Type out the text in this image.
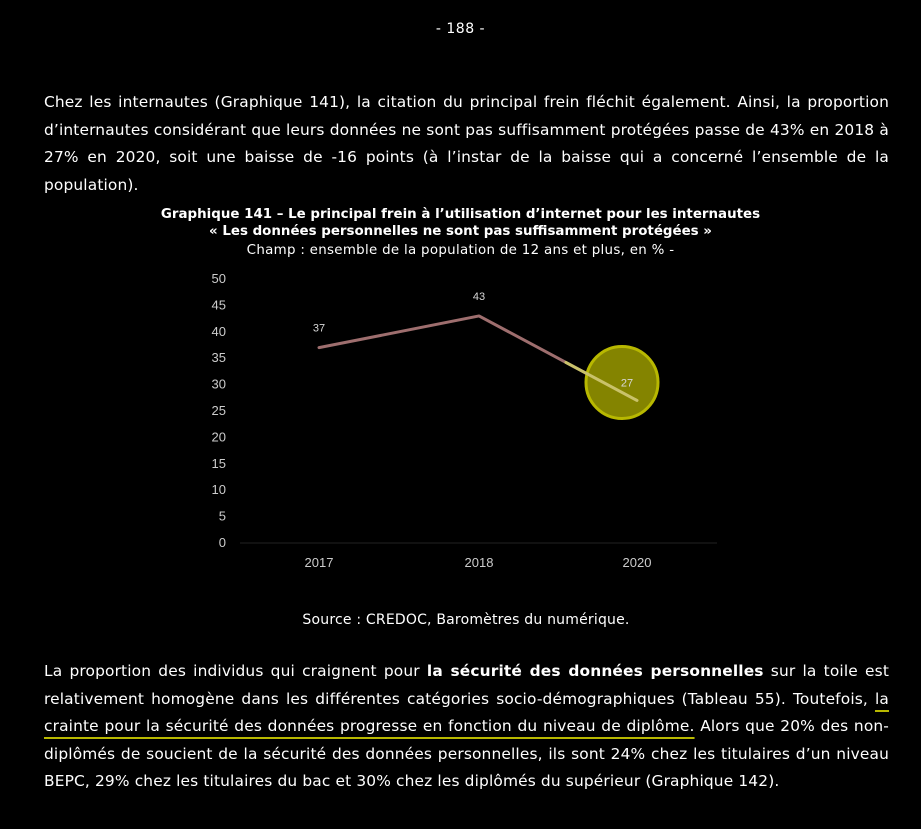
- 188 -

Chez les internautes (Graphique 141), la citation du principal frein fléchit également. Ainsi, la proportion d’internautes considérant que leurs données ne sont pas suffisamment protégées passe de 43% en 2018 à 27% en 2020, soit une baisse de -16 points (à l’instar de la baisse qui a concerné l’ensemble de la population).

Graphique 141 – Le principal frein à l’utilisation d’internet pour les internautes
« Les données personnelles ne sont pas suffisamment protégées »
Champ : ensemble de la population de 12 ans et plus, en % -
0
5
10
15
20
25
30
35
40
45
50
2017	2018	2020
37
43
27
Source : CREDOC, Baromètres du numérique.

La proportion des individus qui craignent pour la sécurité des données personnelles sur la toile est relativement homogène dans les différentes catégories socio-démographiques (Tableau 55). Toutefois, la crainte pour la sécurité des données progresse en fonction du niveau de diplôme. Alors que 20% des non-diplômés de soucient de la sécurité des données personnelles, ils sont 24% chez les titulaires d’un niveau BEPC, 29% chez les titulaires du bac et 30% chez les diplômés du supérieur (Graphique 142).
